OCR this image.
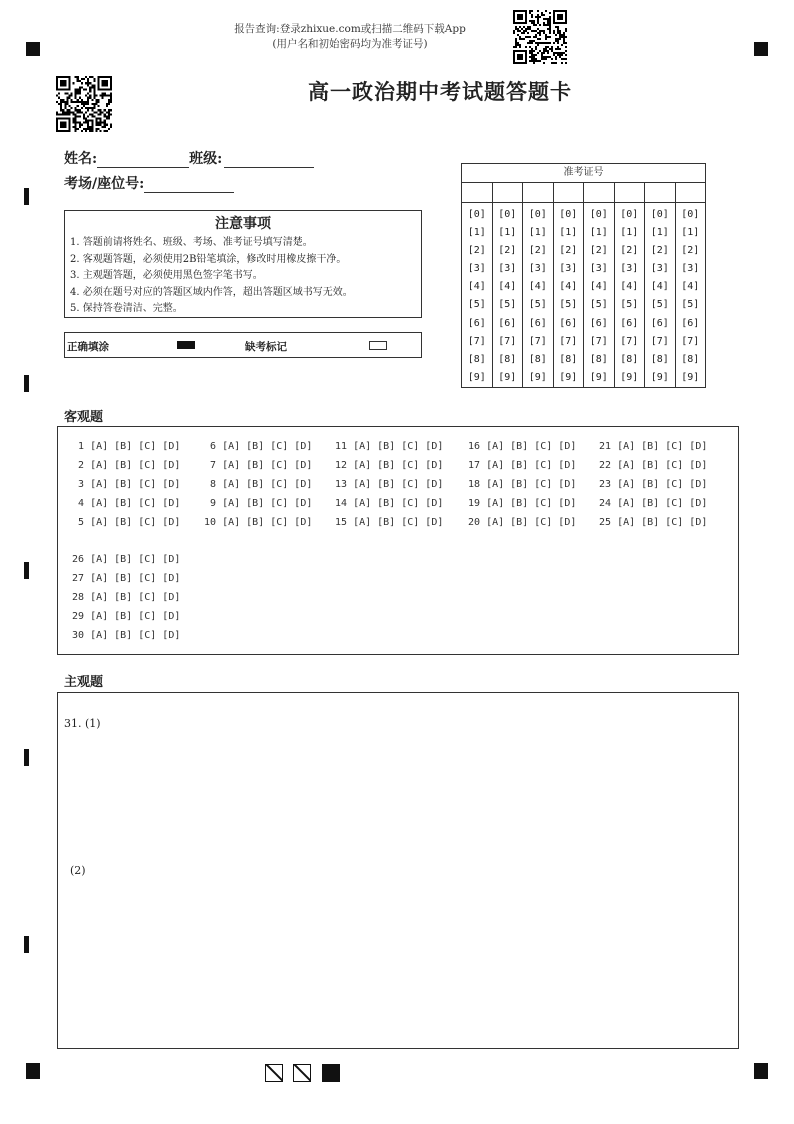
报告查询:登录zhixue.com或扫描二维码下载App
(用户名和初始密码均为准考证号)
高一政治期中考试题答题卡
姓名:	班级:
考场/座位号:
注意事项
1. 答题前请将姓名、班级、考场、准考证号填写清楚。
2. 客观题答题，必须使用2B铅笔填涂，修改时用橡皮擦干净。
3. 主观题答题，必须使用黑色签字笔书写。
4. 必须在题号对应的答题区域内作答，超出答题区域书写无效。
5. 保持答卷清洁、完整。
正确填涂	缺考标记
准考证号
[0]
[1]
[2]
[3]
[4]
[5]
[6]
[7]
[8]
[9]
[0]
[1]
[2]
[3]
[4]
[5]
[6]
[7]
[8]
[9]
[0]
[1]
[2]
[3]
[4]
[5]
[6]
[7]
[8]
[9]
[0]
[1]
[2]
[3]
[4]
[5]
[6]
[7]
[8]
[9]
[0]
[1]
[2]
[3]
[4]
[5]
[6]
[7]
[8]
[9]
[0]
[1]
[2]
[3]
[4]
[5]
[6]
[7]
[8]
[9]
[0]
[1]
[2]
[3]
[4]
[5]
[6]
[7]
[8]
[9]
[0]
[1]
[2]
[3]
[4]
[5]
[6]
[7]
[8]
[9]
客观题
1 [A] [B] [C] [D]
2 [A] [B] [C] [D]
3 [A] [B] [C] [D]
4 [A] [B] [C] [D]
5 [A] [B] [C] [D]
6 [A] [B] [C] [D]
7 [A] [B] [C] [D]
8 [A] [B] [C] [D]
9 [A] [B] [C] [D]
10 [A] [B] [C] [D]
11 [A] [B] [C] [D]
12 [A] [B] [C] [D]
13 [A] [B] [C] [D]
14 [A] [B] [C] [D]
15 [A] [B] [C] [D]
16 [A] [B] [C] [D]
17 [A] [B] [C] [D]
18 [A] [B] [C] [D]
19 [A] [B] [C] [D]
20 [A] [B] [C] [D]
21 [A] [B] [C] [D]
22 [A] [B] [C] [D]
23 [A] [B] [C] [D]
24 [A] [B] [C] [D]
25 [A] [B] [C] [D]
26 [A] [B] [C] [D]
27 [A] [B] [C] [D]
28 [A] [B] [C] [D]
29 [A] [B] [C] [D]
30 [A] [B] [C] [D]
主观题
31. (1)
(2)
